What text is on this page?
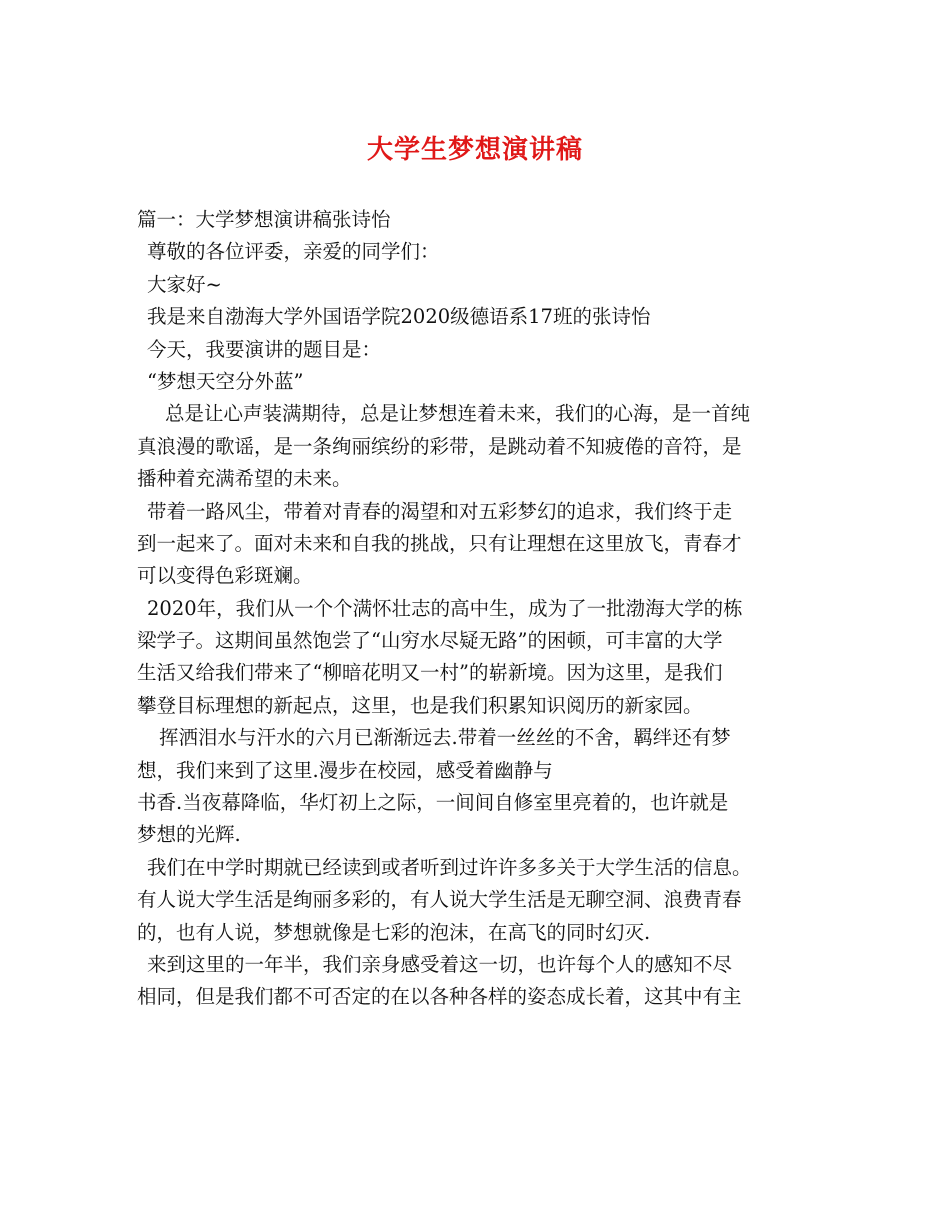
大学生梦想演讲稿
篇一：大学梦想演讲稿张诗怡
尊敬的各位评委，亲爱的同学们：
大家好~
我是来自渤海大学外国语学院2020级德语系17班的张诗怡
今天，我要演讲的题目是：
“梦想天空分外蓝”
总是让心声装满期待，总是让梦想连着未来，我们的心海，是一首纯
真浪漫的歌谣，是一条绚丽缤纷的彩带，是跳动着不知疲倦的音符，是
播种着充满希望的未来。
带着一路风尘，带着对青春的渴望和对五彩梦幻的追求，我们终于走
到一起来了。面对未来和自我的挑战，只有让理想在这里放飞，青春才
可以变得色彩斑斓。
2020年，我们从一个个满怀壮志的高中生，成为了一批渤海大学的栋
梁学子。这期间虽然饱尝了“山穷水尽疑无路”的困顿，可丰富的大学
生活又给我们带来了“柳暗花明又一村”的崭新境。因为这里，是我们
攀登目标理想的新起点，这里，也是我们积累知识阅历的新家园。
挥洒泪水与汗水的六月已渐渐远去.带着一丝丝的不舍，羁绊还有梦
想，我们来到了这里.漫步在校园，感受着幽静与
书香.当夜幕降临，华灯初上之际，一间间自修室里亮着的，也许就是
梦想的光辉.
我们在中学时期就已经读到或者听到过许许多多关于大学生活的信息。
有人说大学生活是绚丽多彩的，有人说大学生活是无聊空洞、浪费青春
的，也有人说，梦想就像是七彩的泡沫，在高飞的同时幻灭.
来到这里的一年半，我们亲身感受着这一切，也许每个人的感知不尽
相同，但是我们都不可否定的在以各种各样的姿态成长着，这其中有主
